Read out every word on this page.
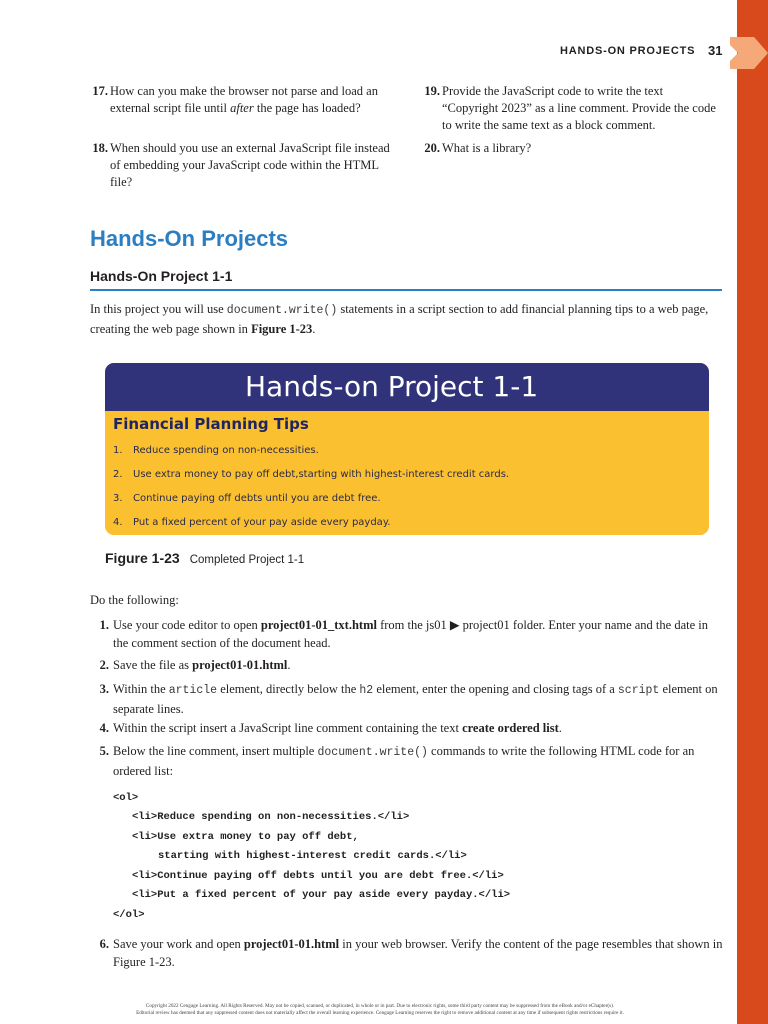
HANDS-ON PROJECTS 31
17. How can you make the browser not parse and load an external script file until after the page has loaded?
18. When should you use an external JavaScript file instead of embedding your JavaScript code within the HTML file?
19. Provide the JavaScript code to write the text “Copyright 2023” as a line comment. Provide the code to write the same text as a block comment.
20. What is a library?
Hands-On Projects
Hands-On Project 1-1
In this project you will use document.write() statements in a script section to add financial planning tips to a web page, creating the web page shown in Figure 1-23.
Hands-on Project 1-1
Financial Planning Tips
1. Reduce spending on non-necessities.
2. Use extra money to pay off debt,starting with highest-interest credit cards.
3. Continue paying off debts until you are debt free.
4. Put a fixed percent of your pay aside every payday.
Figure 1-23 Completed Project 1-1
Do the following:
1. Use your code editor to open project01-01_txt.html from the js01 ▶ project01 folder. Enter your name and the date in the comment section of the document head.
2. Save the file as project01-01.html.
3. Within the article element, directly below the h2 element, enter the opening and closing tags of a script element on separate lines.
4. Within the script insert a JavaScript line comment containing the text create ordered list.
5. Below the line comment, insert multiple document.write() commands to write the following HTML code for an ordered list:
<ol>
<li>Reduce spending on non-necessities.</li>
<li>Use extra money to pay off debt,
starting with highest-interest credit cards.</li>
<li>Continue paying off debts until you are debt free.</li>
<li>Put a fixed percent of your pay aside every payday.</li>
</ol>
6. Save your work and open project01-01.html in your web browser. Verify the content of the page resembles that shown in Figure 1-23.
Copyright 2022 Cengage Learning. All Rights Reserved. May not be copied, scanned, or duplicated, in whole or in part. Due to electronic rights, some third party content may be suppressed from the eBook and/or eChapter(s).
Editorial review has deemed that any suppressed content does not materially affect the overall learning experience. Cengage Learning reserves the right to remove additional content at any time if subsequent rights restrictions require it.
